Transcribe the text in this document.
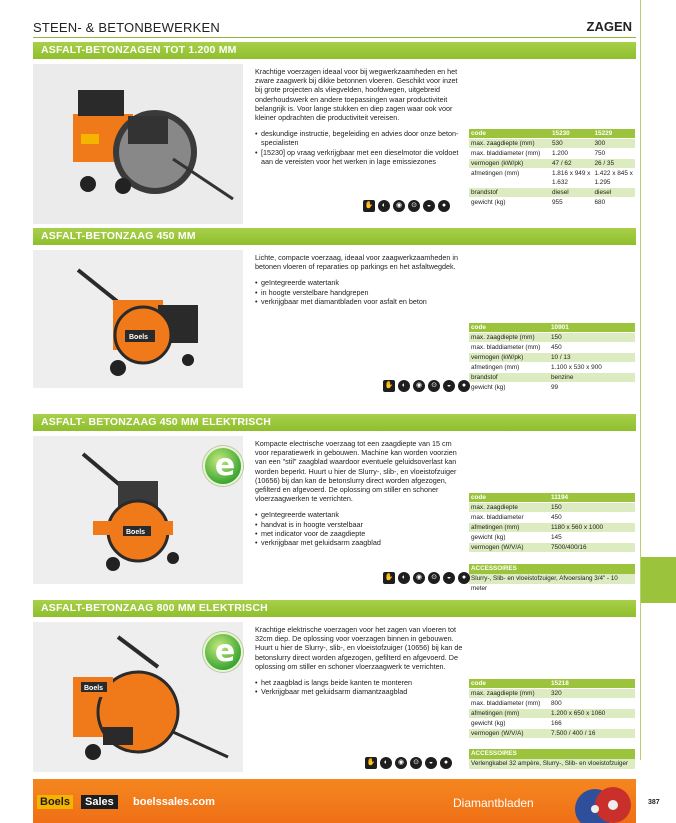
STEEN- & BETONBEWERKEN	ZAGEN
ASFALT-BETONZAGEN TOT 1.200 MM

Krachtige voerzagen ideaal voor bij wegwerkzaamheden en het zware zaagwerk bij dikke betonnen vloeren. Geschikt voor inzet bij grote projecten als vliegvelden, hoofdwegen, uitgebreid onderhoudswerk en andere toepassingen waar productiviteit belangrijk is. Voor lange stukken en diep zagen waar ook voor kleiner opdrachten die productiviteit vereisen.

• deskundige instructie, begeleiding en advies door onze beton-specialisten
• [15230] op vraag verkrijgbaar met een dieselmotor die voldoet aan de vereisten voor het werken in lage emissiezones
code	15230	15229
max. zaagdiepte (mm)	530	300
max. bladdiameter (mm)	1.200	750
vermogen (kW/pk)	47 / 62	26 / 35
afmetingen (mm)	1.816 x 949 x 1.632	1.422 x 845 x 1.295
brandstof	diesel	diesel
gewicht (kg)	955	680
✋	◐	◉	⊙	◒	●
ASFALT-BETONZAAG 450 MM
Boels

Lichte, compacte voerzaag, ideaal voor zaagwerkzaamheden in betonen vloeren of reparaties op parkings en het asfaltwegdek.

• geïntegreerde watertank
• in hoogte verstelbare handgrepen
• verkrijgbaar met diamantbladen voor asfalt en beton
code	10901
max. zaagdiepte (mm)	150
max. bladdiameter (mm)	450
vermogen (kW/pk)	10 / 13
afmetingen (mm)	1.100 x 530 x 900
brandstof	benzine
gewicht (kg)	99
✋	◐	◉	⊙	◒	●
ASFALT- BETONZAAG 450 MM ELEKTRISCH
Boels
e

Kompacte electrische voerzaag tot een zaagdiepte van 15 cm voor reparatiewerk in gebouwen. Machine kan worden voorzien van een "stil" zaagblad waardoor eventuele geluidsoverlast kan worden beperkt. Huurt u hier de Slurry-, slib-, en vloeistofzuiger (10656) bij dan kan de betonslurry direct worden afgezogen, gefilterd en afgevoerd. De oplossing om stiller en schoner vloerzaagwerken te verrichten.

• geïntegreerde watertank
• handvat is in hoogte verstelbaar
• met indicator voor de zaagdiepte
• verkrijgbaar met geluidsarm zaagblad
code	11194
max. zaagdiepte	150
max. bladdiameter	450
afmetingen (mm)	1180 x 560 x 1000
gewicht (kg)	145
vermogen (W/V/A)	7500/400/16
ACCESSOIRES
Slurry-, Slib- en vloeistofzuiger, Afvoerslang 3/4" - 10 meter
✋	◐	◉	⊙	◒	●
ASFALT-BETONZAAG 800 MM ELEKTRISCH
Boels
e

Krachtige elektrische voerzagen voor het zagen van vloeren tot 32cm diep. De oplossing voor voerzagen binnen in gebouwen. Huurt u hier de Slurry-, slib-, en vloeistofzuiger (10656) bij kan de betonslurry direct worden afgezogen, gefilterd en afgevoerd. De oplossing om stiller en schoner vloerzaagwerk te verrichten.

• het zaagblad is langs beide kanten te monteren
• Verkrijgbaar met geluidsarm diamantzaagblad
code	15218
max. zaagdiepte (mm)	320
max. bladdiameter (mm)	800
afmetingen (mm)	1.200 x 650 x 1060
gewicht (kg)	166
vermogen (W/V/A)	7.500 / 400 / 16
ACCESSOIRES
Verlengkabel 32 ampère, Slurry-, Slib- en vloeistofzuiger
✋	◐	◉	⊙	◒	●
Boels	Sales	boelssales.com	Diamantbladen	387
